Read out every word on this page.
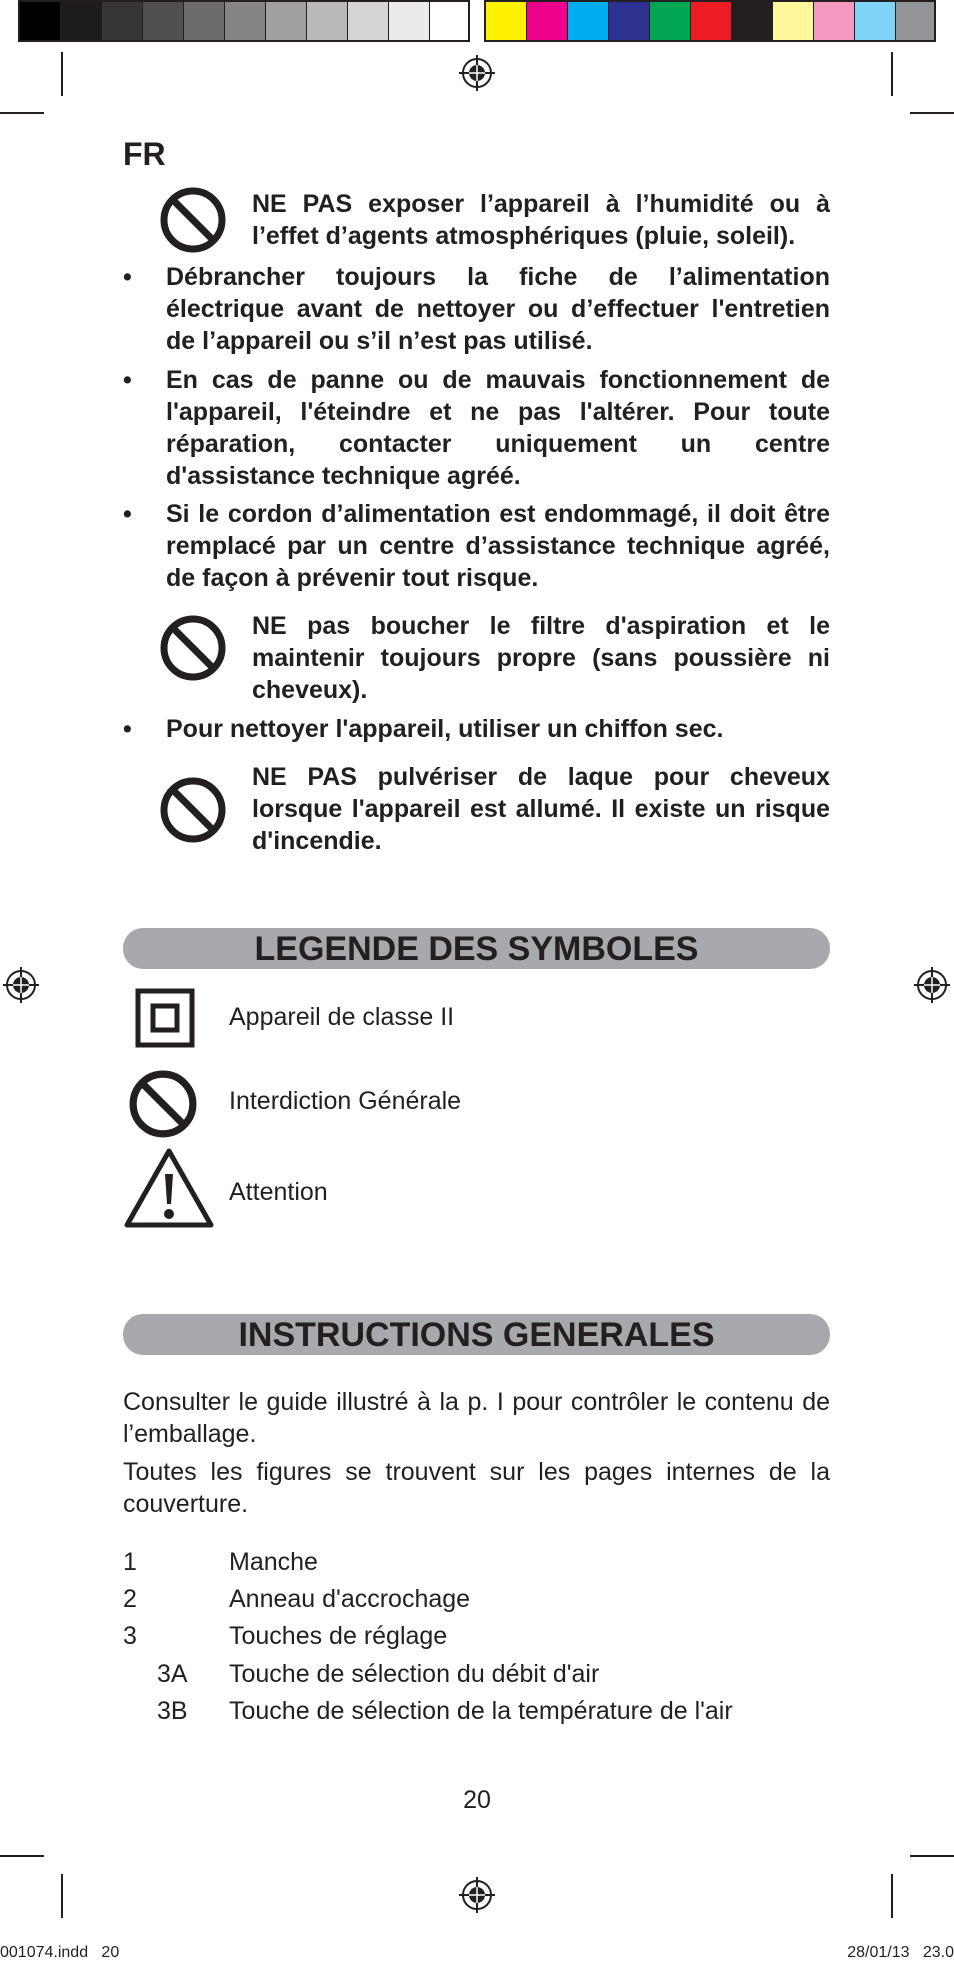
FR
NE PAS exposer l’appareil à l’humidité ou à l’effet d’agents atmosphériques (pluie, soleil).
• Débrancher toujours la fiche de l’alimentation électrique avant de nettoyer ou d’effectuer l'entretien de l’appareil ou s’il n’est pas utilisé.
• En cas de panne ou de mauvais fonctionnement de l'appareil, l'éteindre et ne pas l'altérer. Pour toute réparation, contacter uniquement un centre d'assistance technique agréé.
• Si le cordon d’alimentation est endommagé, il doit être remplacé par un centre d’assistance technique agréé, de façon à prévenir tout risque.
NE pas boucher le filtre d'aspiration et le maintenir toujours propre (sans poussière ni cheveux).
• Pour nettoyer l'appareil, utiliser un chiffon sec.
NE PAS pulvériser de laque pour cheveux lorsque l'appareil est allumé. Il existe un risque d'incendie.
LEGENDE DES SYMBOLES
Appareil de classe II
Interdiction Générale
Attention
INSTRUCTIONS GENERALES
Consulter le guide illustré à la p. I pour contrôler le contenu de l’emballage.
Toutes les figures se trouvent sur les pages internes de la couverture.
1	Manche
2	Anneau d'accrochage
3	Touches de réglage
3A Touche de sélection du débit d'air
3B Touche de sélection de la température de l'air
20
001074.indd   20	28/01/13   23.0
